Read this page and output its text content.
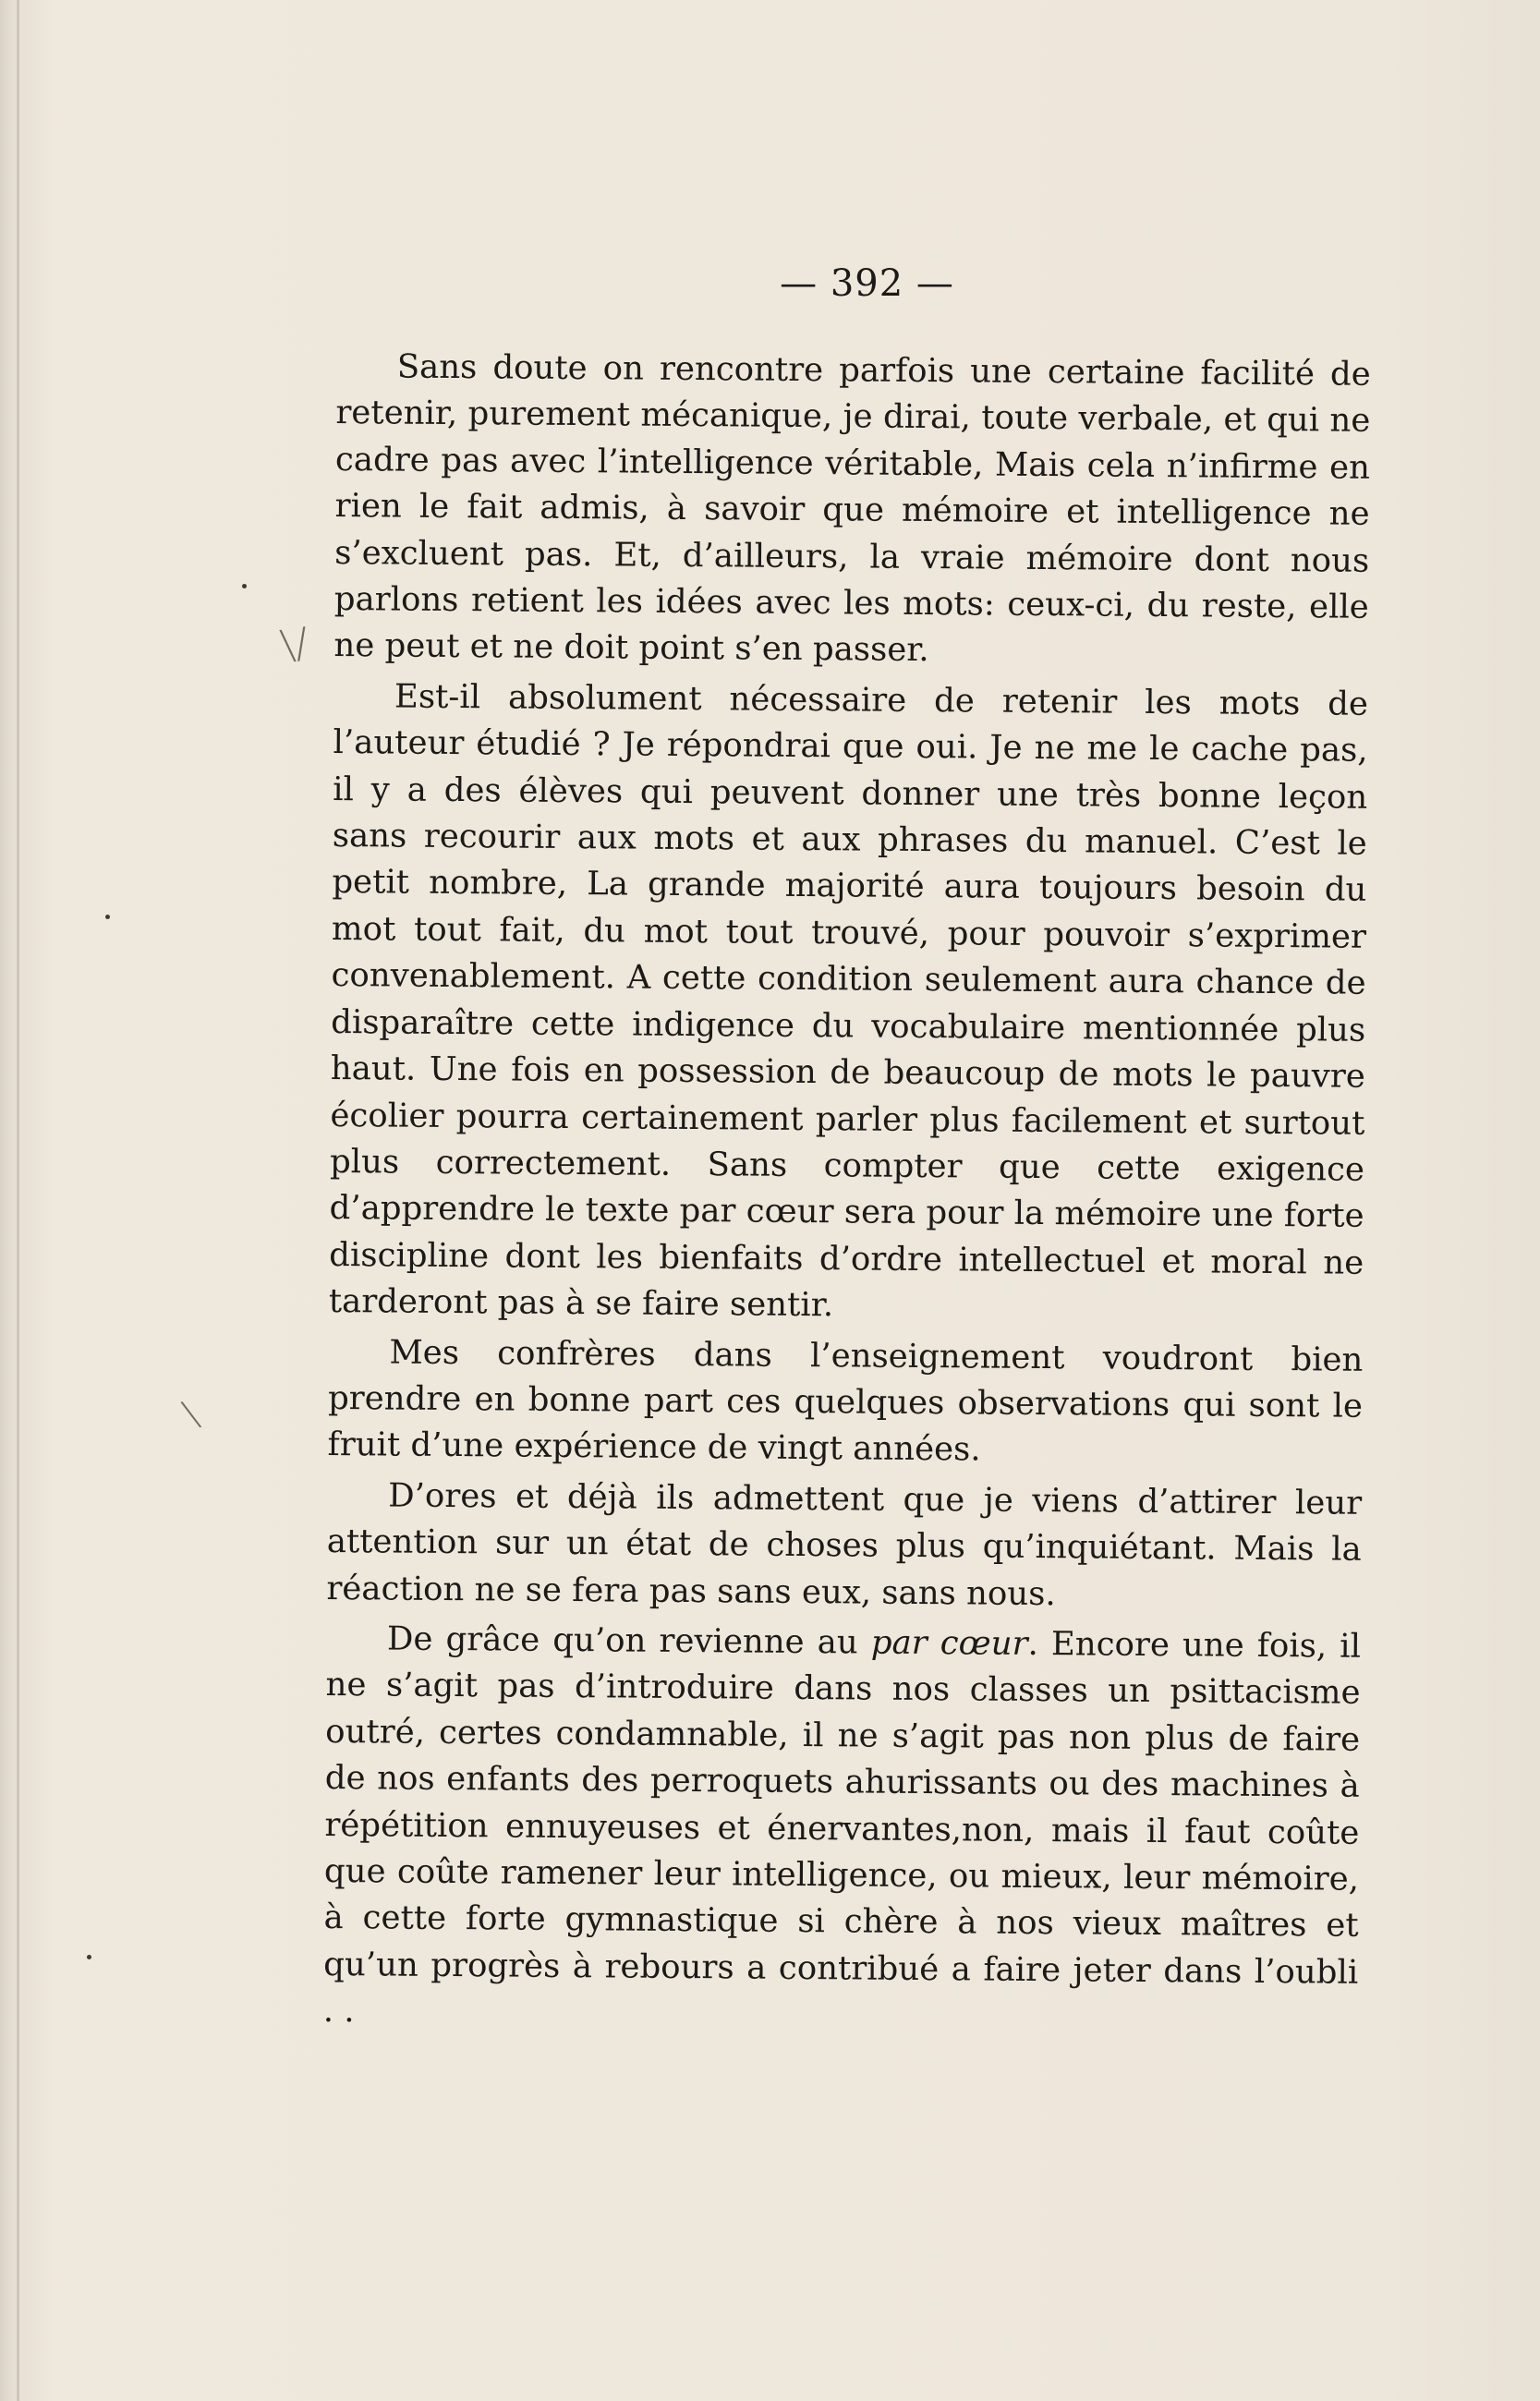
— 392 —
\/
\

Sans doute on rencontre parfois une certaine facilité de retenir, purement mécanique, je dirai, toute verbale, et qui ne cadre pas avec l’intelligence véritable, Mais cela n’infirme en rien le fait admis, à savoir que mémoire et intelligence ne s’excluent pas. Et, d’ailleurs, la vraie mémoire dont nous parlons retient les idées avec les mots: ceux-ci, du reste, elle ne peut et ne doit point s’en passer.

Est-il absolument nécessaire de retenir les mots de l’auteur étudié ? Je répondrai que oui. Je ne me le cache pas, il y a des élèves qui peuvent donner une très bonne leçon sans recourir aux mots et aux phrases du manuel. C’est le petit nombre, La grande majorité aura toujours besoin du mot tout fait, du mot tout trouvé, pour pouvoir s’exprimer convenablement. A cette condition seulement aura chance de disparaître cette indigence du vocabulaire mentionnée plus haut. Une fois en possession de beaucoup de mots le pauvre écolier pourra certainement parler plus facilement et surtout plus correctement. Sans compter que cette exigence d’apprendre le texte par cœur sera pour la mémoire une forte discipline dont les bienfaits d’ordre intellectuel et moral ne tarderont pas à se faire sentir.

Mes confrères dans l’enseignement voudront bien prendre en bonne part ces quelques observations qui sont le fruit d’une expérience de vingt années.

D’ores et déjà ils admettent que je viens d’attirer leur attention sur un état de choses plus qu’inquiétant. Mais la réaction ne se fera pas sans eux, sans nous.

De grâce qu’on revienne au par cœur. Encore une fois, il ne s’agit pas d’introduire dans nos classes un psittacisme outré, certes condamnable, il ne s’agit pas non plus de faire de nos enfants des perroquets ahurissants ou des machines à répétition ennuyeuses et énervantes,non, mais il faut coûte que coûte ramener leur intelligence, ou mieux, leur mémoire, à cette forte gymnastique si chère à nos vieux maîtres et qu’un progrès à rebours a contribué a faire jeter dans l’oubli . .
